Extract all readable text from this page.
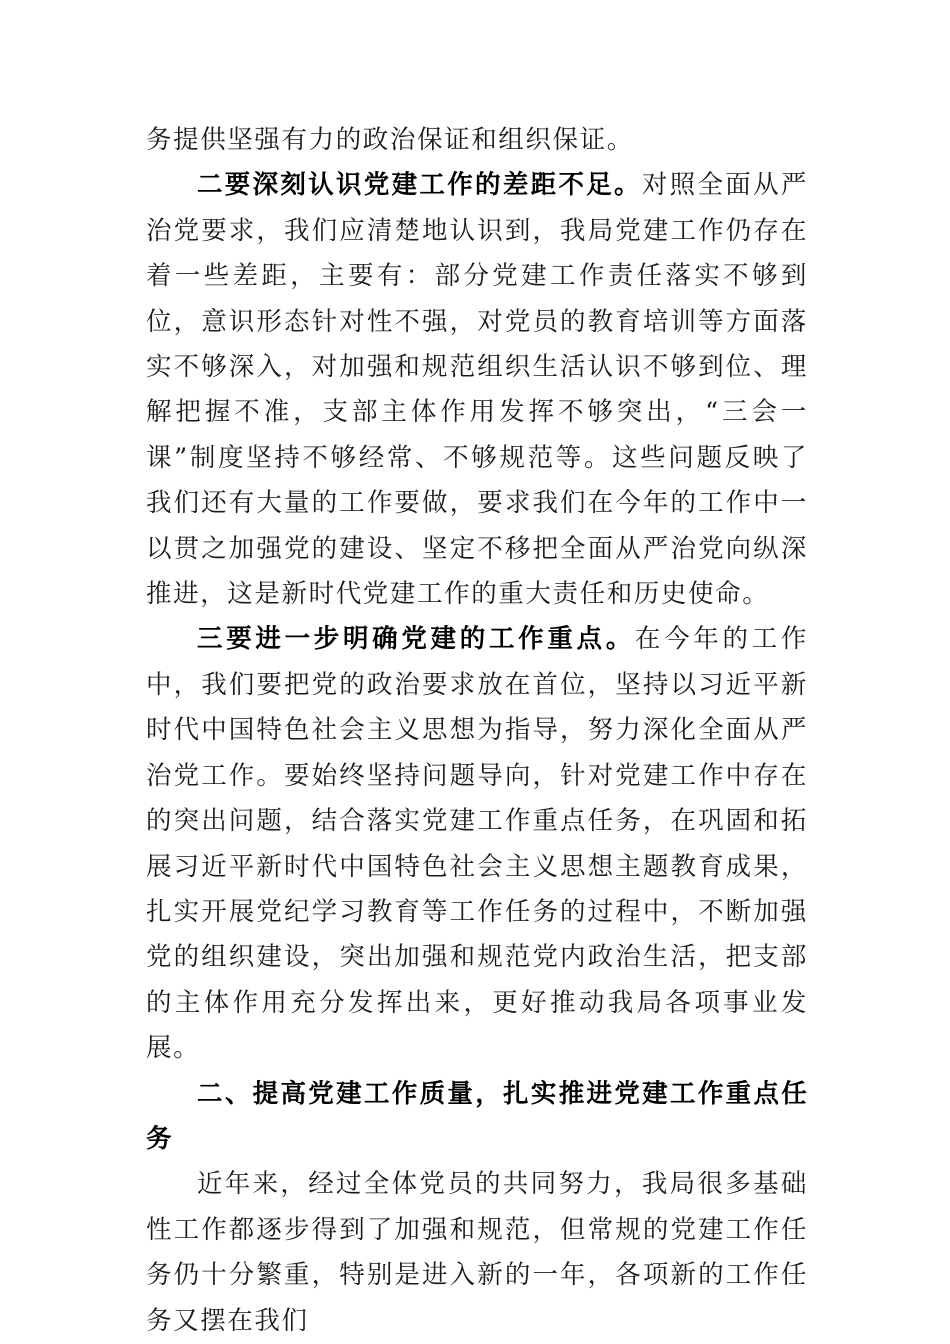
务提供坚强有力的政治保证和组织保证。

二要深刻认识党建工作的差距不足。对照全面从严治党要求，我们应清楚地认识到，我局党建工作仍存在着一些差距，主要有：部分党建工作责任落实不够到位，意识形态针对性不强，对党员的教育培训等方面落实不够深入，对加强和规范组织生活认识不够到位、理解把握不准，支部主体作用发挥不够突出，“三会一课”制度坚持不够经常、不够规范等。这些问题反映了我们还有大量的工作要做，要求我们在今年的工作中一以贯之加强党的建设、坚定不移把全面从严治党向纵深推进，这是新时代党建工作的重大责任和历史使命。

三要进一步明确党建的工作重点。在今年的工作中，我们要把党的政治要求放在首位，坚持以习近平新时代中国特色社会主义思想为指导，努力深化全面从严治党工作。要始终坚持问题导向，针对党建工作中存在的突出问题，结合落实党建工作重点任务，在巩固和拓展习近平新时代中国特色社会主义思想主题教育成果，扎实开展党纪学习教育等工作任务的过程中，不断加强党的组织建设，突出加强和规范党内政治生活，把支部的主体作用充分发挥出来，更好推动我局各项事业发展。

二、提高党建工作质量，扎实推进党建工作重点任务

近年来，经过全体党员的共同努力，我局很多基础性工作都逐步得到了加强和规范，但常规的党建工作任务仍十分繁重，特别是进入新的一年，各项新的工作任务又摆在我们
